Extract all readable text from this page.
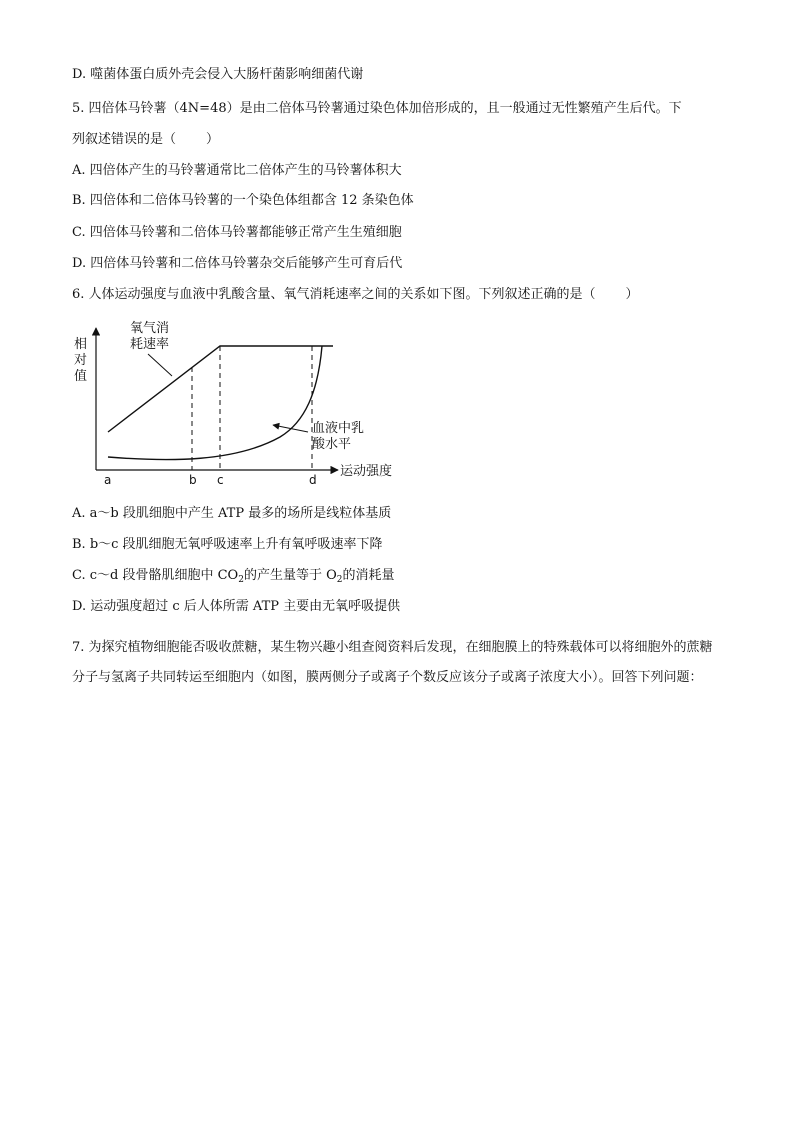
D. 噬菌体蛋白质外壳会侵入大肠杆菌影响细菌代谢
5. 四倍体马铃薯（4N=48）是由二倍体马铃薯通过染色体加倍形成的，且一般通过无性繁殖产生后代。下
列叙述错误的是（ ）
A. 四倍体产生的马铃薯通常比二倍体产生的马铃薯体积大
B. 四倍体和二倍体马铃薯的一个染色体组都含 12 条染色体
C. 四倍体马铃薯和二倍体马铃薯都能够正常产生生殖细胞
D. 四倍体马铃薯和二倍体马铃薯杂交后能够产生可育后代
6. 人体运动强度与血液中乳酸含量、氧气消耗速率之间的关系如下图。下列叙述正确的是（ ）
相
对
值
运动强度
a	b c	d
氧气消
耗速率
血液中乳
酸水平
A. a～b 段肌细胞中产生 ATP 最多的场所是线粒体基质
B. b～c 段肌细胞无氧呼吸速率上升有氧呼吸速率下降
C. c～d 段骨骼肌细胞中 $CO_2$的产生量等于 $O_2$的消耗量
D. 运动强度超过 c 后人体所需 ATP 主要由无氧呼吸提供
7. 为探究植物细胞能否吸收蔗糖，某生物兴趣小组查阅资料后发现，在细胞膜上的特殊载体可以将细胞外的蔗糖分子与氢离子共同转运至细胞内（如图，膜两侧分子或离子个数反应该分子或离子浓度大小）。回答下列问题：
